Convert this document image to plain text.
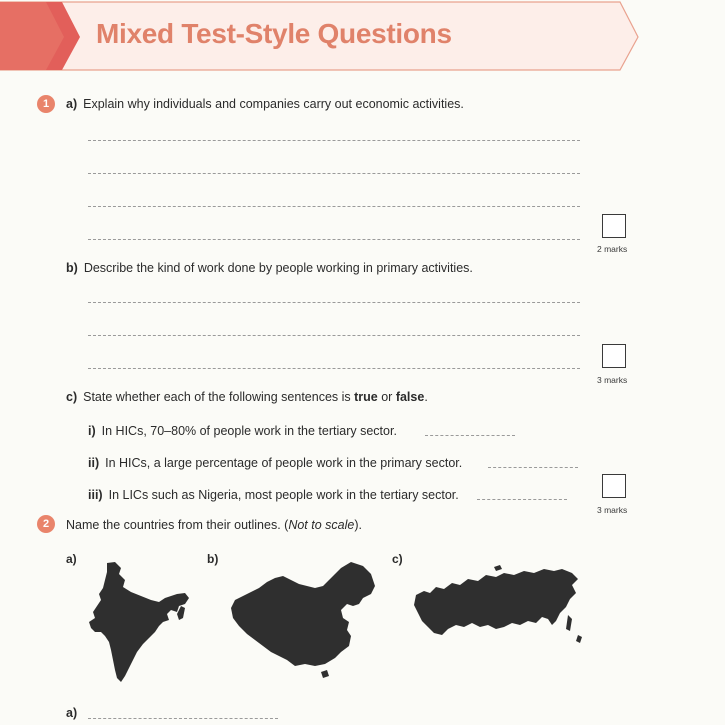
Mixed Test-Style Questions
1	a) Explain why individuals and companies carry out economic activities.
2 marks
b) Describe the kind of work done by people working in primary activities.
3 marks
c) State whether each of the following sentences is true or false.
i) In HICs, 70–80% of people work in the tertiary sector.
ii) In HICs, a large percentage of people work in the primary sector.
iii) In LICs such as Nigeria, most people work in the tertiary sector.
3 marks
2	Name the countries from their outlines. (Not to scale).
a)	b)	c)
a)
